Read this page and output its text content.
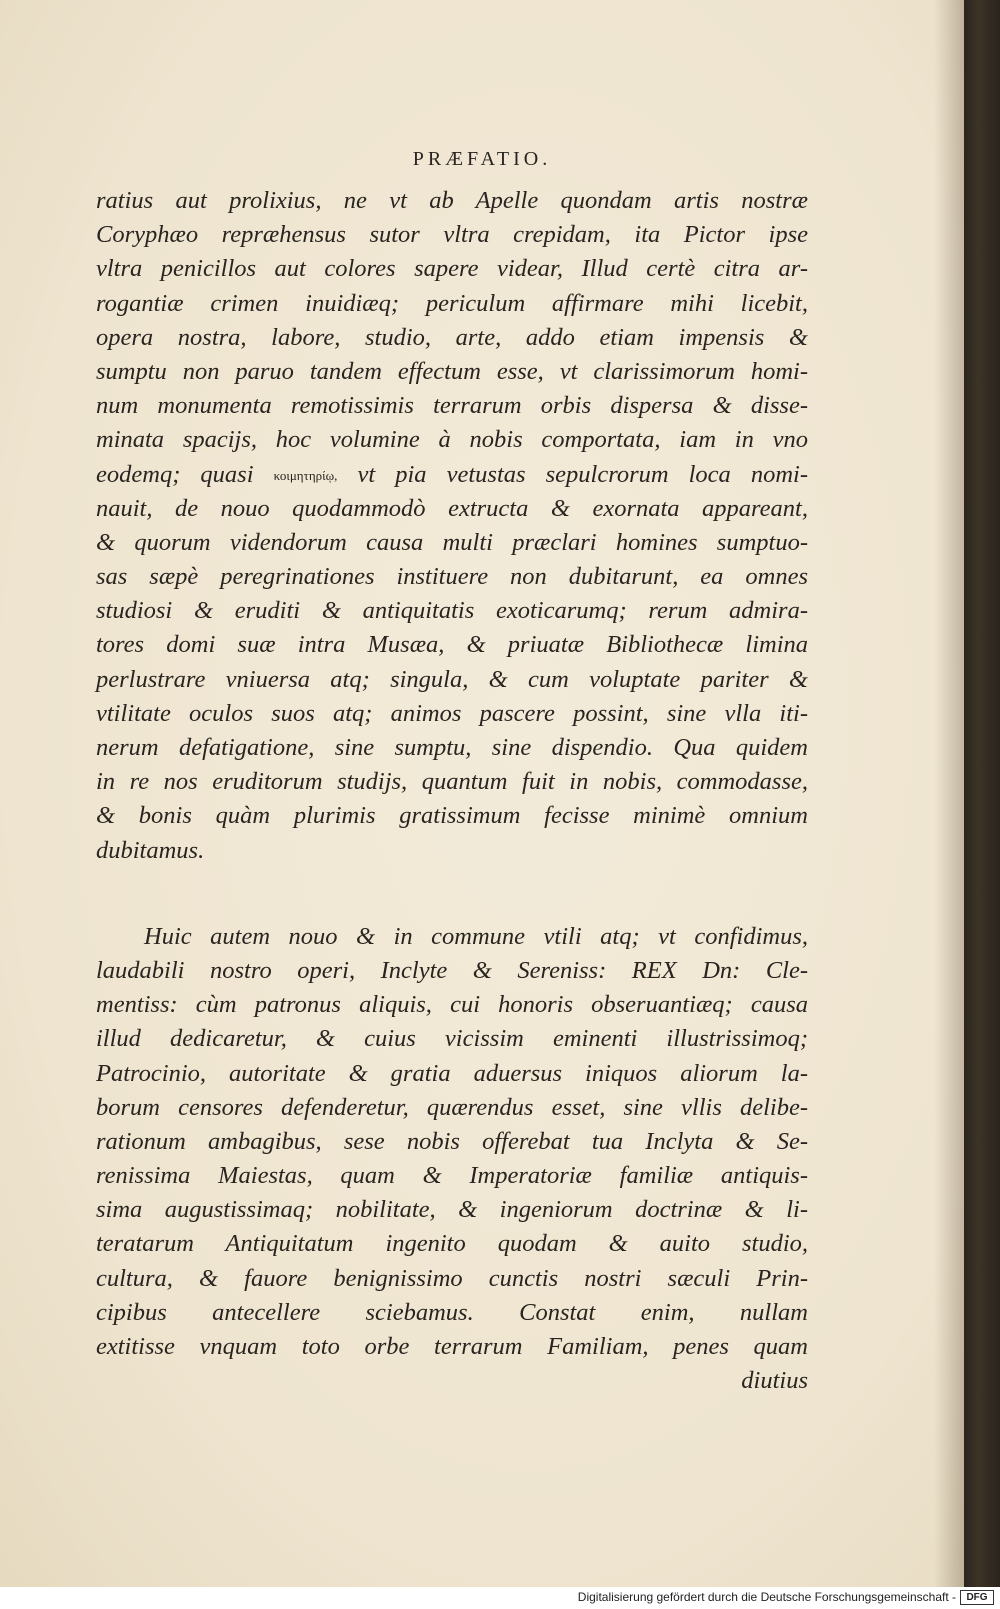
PRÆFATIO.
ratius aut prolixius, ne vt ab Apelle quondam artis nostræ
Coryphæo repræhensus sutor vltra crepidam, ita Pictor ipse
vltra penicillos aut colores sapere videar, Illud certè citra ar-
rogantiæ crimen inuidiæq; periculum affirmare mihi licebit,
opera nostra, labore, studio, arte, addo etiam impensis &
sumptu non paruo tandem effectum esse, vt clarissimorum homi-
num monumenta remotissimis terrarum orbis dispersa & disse-
minata spacijs, hoc volumine à nobis comportata, iam in vno
eodemq; quasi κοιμητηρίῳ, vt pia vetustas sepulcrorum loca nomi-
nauit, de nouo quodammodò extructa & exornata appareant,
& quorum videndorum causa multi præclari homines sumptuo-
sas sæpè peregrinationes instituere non dubitarunt, ea omnes
studiosi & eruditi & antiquitatis exoticarumq; rerum admira-
tores domi suæ intra Musæa, & priuatæ Bibliothecæ limina
perlustrare vniuersa atq; singula, & cum voluptate pariter &
vtilitate oculos suos atq; animos pascere possint, sine vlla iti-
nerum defatigatione, sine sumptu, sine dispendio. Qua quidem
in re nos eruditorum studijs, quantum fuit in nobis, commodasse,
& bonis quàm plurimis gratissimum fecisse minimè omnium
dubitamus.
Huic autem nouo & in commune vtili atq; vt confidimus,
laudabili nostro operi, Inclyte & Sereniss: REX Dn: Cle-
mentiss: cùm patronus aliquis, cui honoris obseruantiæq; causa
illud dedicaretur, & cuius vicissim eminenti illustrissimoq;
Patrocinio, autoritate & gratia aduersus iniquos aliorum la-
borum censores defenderetur, quærendus esset, sine vllis delibe-
rationum ambagibus, sese nobis offerebat tua Inclyta & Se-
renissima Maiestas, quam & Imperatoriæ familiæ antiquis-
sima augustissimaq; nobilitate, & ingeniorum doctrinæ & li-
teratarum Antiquitatum ingenito quodam & auito studio,
cultura, & fauore benignissimo cunctis nostri sæculi Prin-
cipibus antecellere sciebamus. Constat enim, nullam
extitisse vnquam toto orbe terrarum Familiam, penes quam
diutius
Digitalisierung gefördert durch die Deutsche Forschungsgemeinschaft -	DFG
